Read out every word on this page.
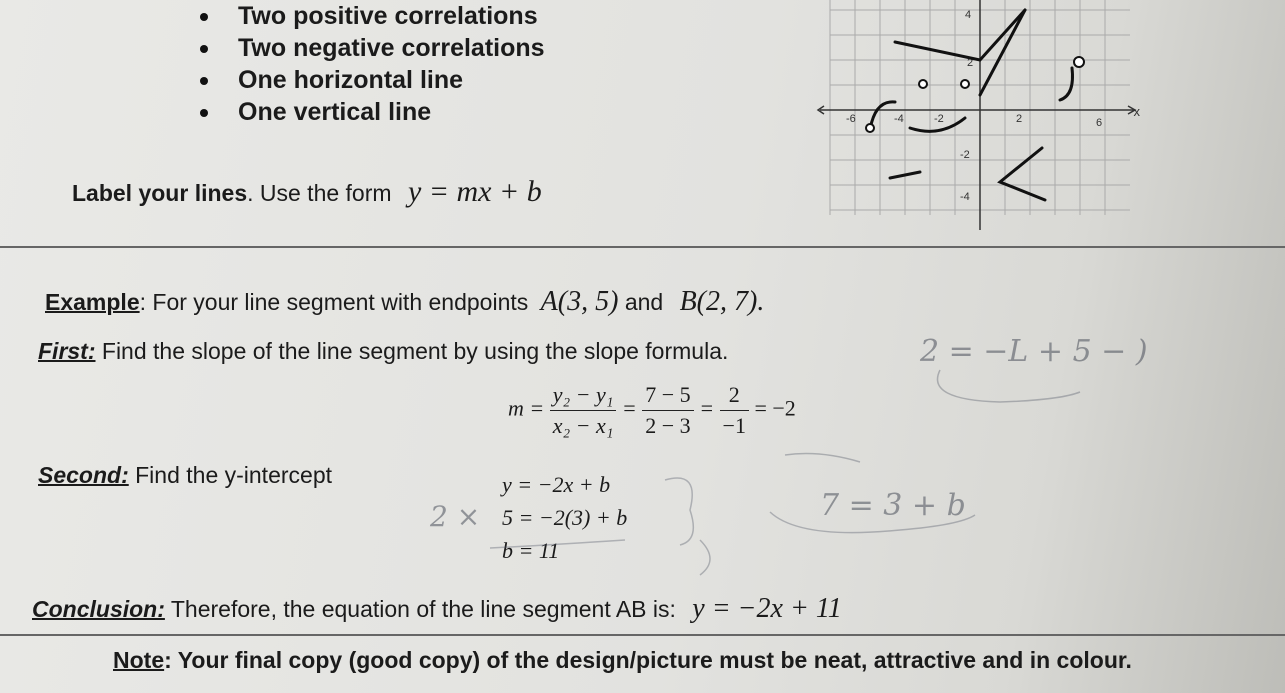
Two positive correlations
Two negative correlations
One horizontal line
One vertical line
Label your lines. Use the form y = mx + b
-6	-4	-2	2	6
4
2
-2
-4
x
Example: For your line segment with endpoints A(3, 5) and B(2, 7).
First: Find the slope of the line segment by using the slope formula.
$m = \frac{\text{y₂ − y₁}}{\text{x₂ − x₁}} = \frac{7 - 5}{2 - 3} = \frac{2}{-1} = -2$
Second: Find the y-intercept	y = −2x + b
5 = −2(3) + b
b = 11
2 = −L + 5 − )
7 = 3 + b
2 ×
Conclusion: Therefore, the equation of the line segment AB is: y = −2x + 11
Note: Your final copy (good copy) of the design/picture must be neat, attractive and in colour.
